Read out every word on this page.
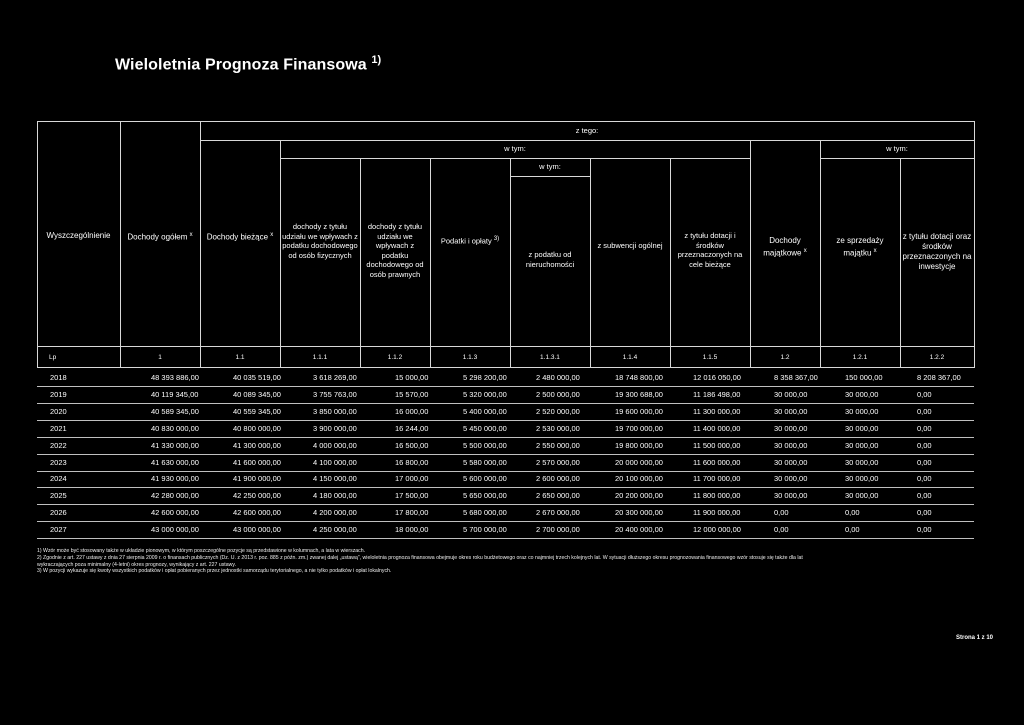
Wieloletnia Prognoza Finansowa $^{1)}$
z tego:
w tym:
w tym:
w tym:
Wyszczególnienie	Dochody ogółem $^x$	Dochody bieżące $^x$
dochody z tytułu udziału we wpływach z podatku dochodowego od osób fizycznych
dochody z tytułu udziału we wpływach z podatku dochodowego od osób prawnych
Podatki i opłaty $^{3)}$
z podatku od nieruchomości
z subwencji ogólnej
z tytułu dotacji i środków przeznaczonych na cele bieżące
Dochody majątkowe $^x$
ze sprzedaży majątku $^x$
z tytułu dotacji oraz środków przeznaczonych na inwestycje
Lp	1	1.1	1.1.1	1.1.2	1.1.3	1.1.3.1	1.1.4	1.1.5	1.2	1.2.1	1.2.2
2018	48 393 886,00	40 035 519,00	3 618 269,00	15 000,00	5 298 200,00	2 480 000,00	18 748 800,00	12 016 050,00	8 358 367,00	150 000,00	8 208 367,00
2019	40 119 345,00	40 089 345,00	3 755 763,00	15 570,00	5 320 000,00	2 500 000,00	19 300 688,00	11 186 498,00	30 000,00	30 000,00	0,00
2020	40 589 345,00	40 559 345,00	3 850 000,00	16 000,00	5 400 000,00	2 520 000,00	19 600 000,00	11 300 000,00	30 000,00	30 000,00	0,00
2021	40 830 000,00	40 800 000,00	3 900 000,00	16 244,00	5 450 000,00	2 530 000,00	19 700 000,00	11 400 000,00	30 000,00	30 000,00	0,00
2022	41 330 000,00	41 300 000,00	4 000 000,00	16 500,00	5 500 000,00	2 550 000,00	19 800 000,00	11 500 000,00	30 000,00	30 000,00	0,00
2023	41 630 000,00	41 600 000,00	4 100 000,00	16 800,00	5 580 000,00	2 570 000,00	20 000 000,00	11 600 000,00	30 000,00	30 000,00	0,00
2024	41 930 000,00	41 900 000,00	4 150 000,00	17 000,00	5 600 000,00	2 600 000,00	20 100 000,00	11 700 000,00	30 000,00	30 000,00	0,00
2025	42 280 000,00	42 250 000,00	4 180 000,00	17 500,00	5 650 000,00	2 650 000,00	20 200 000,00	11 800 000,00	30 000,00	30 000,00	0,00
2026	42 600 000,00	42 600 000,00	4 200 000,00	17 800,00	5 680 000,00	2 670 000,00	20 300 000,00	11 900 000,00	0,00	0,00	0,00
2027	43 000 000,00	43 000 000,00	4 250 000,00	18 000,00	5 700 000,00	2 700 000,00	20 400 000,00	12 000 000,00	0,00	0,00	0,00
1) Wzór może być stosowany także w układzie pionowym, w którym poszczególne pozycje są przedstawione w kolumnach, a lata w wierszach.
2) Zgodnie z art. 227 ustawy z dnia 27 sierpnia 2009 r. o finansach publicznych (Dz. U. z 2013 r. poz. 885 z późn. zm.) zwanej dalej „ustawą”, wieloletnia prognoza finansowa obejmuje okres roku budżetowego oraz co najmniej trzech kolejnych lat. W sytuacji dłuższego okresu prognozowania finansowego wzór stosuje się także dla lat
wykraczających poza minimalny (4-letni) okres prognozy, wynikający z art. 227 ustawy.
3) W pozycji wykazuje się kwoty wszystkich podatków i opłat pobieranych przez jednostki samorządu terytorialnego, a nie tylko podatków i opłat lokalnych.
Strona 1 z 10
